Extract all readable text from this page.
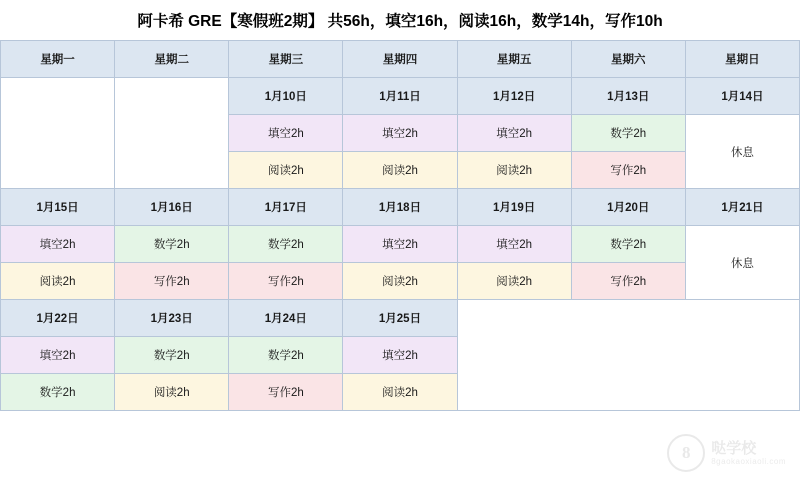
阿卡希 GRE【寒假班2期】 共56h，填空16h，阅读16h，数学14h，写作10h
星期一	星期二	星期三	星期四	星期五	星期六	星期日
		1月10日	1月11日	1月12日	1月13日	1月14日
		填空2h	填空2h	填空2h	数学2h	休息
		阅读2h	阅读2h	阅读2h	写作2h	
1月15日	1月16日	1月17日	1月18日	1月19日	1月20日	1月21日
填空2h	数学2h	数学2h	填空2h	填空2h	数学2h	休息
阅读2h	写作2h	写作2h	阅读2h	阅读2h	写作2h	
1月22日	1月23日	1月24日	1月25日			
填空2h	数学2h	数学2h	填空2h			
数学2h	阅读2h	写作2h	阅读2h			
8	哒学校
8gaokaoxiaoli.com
